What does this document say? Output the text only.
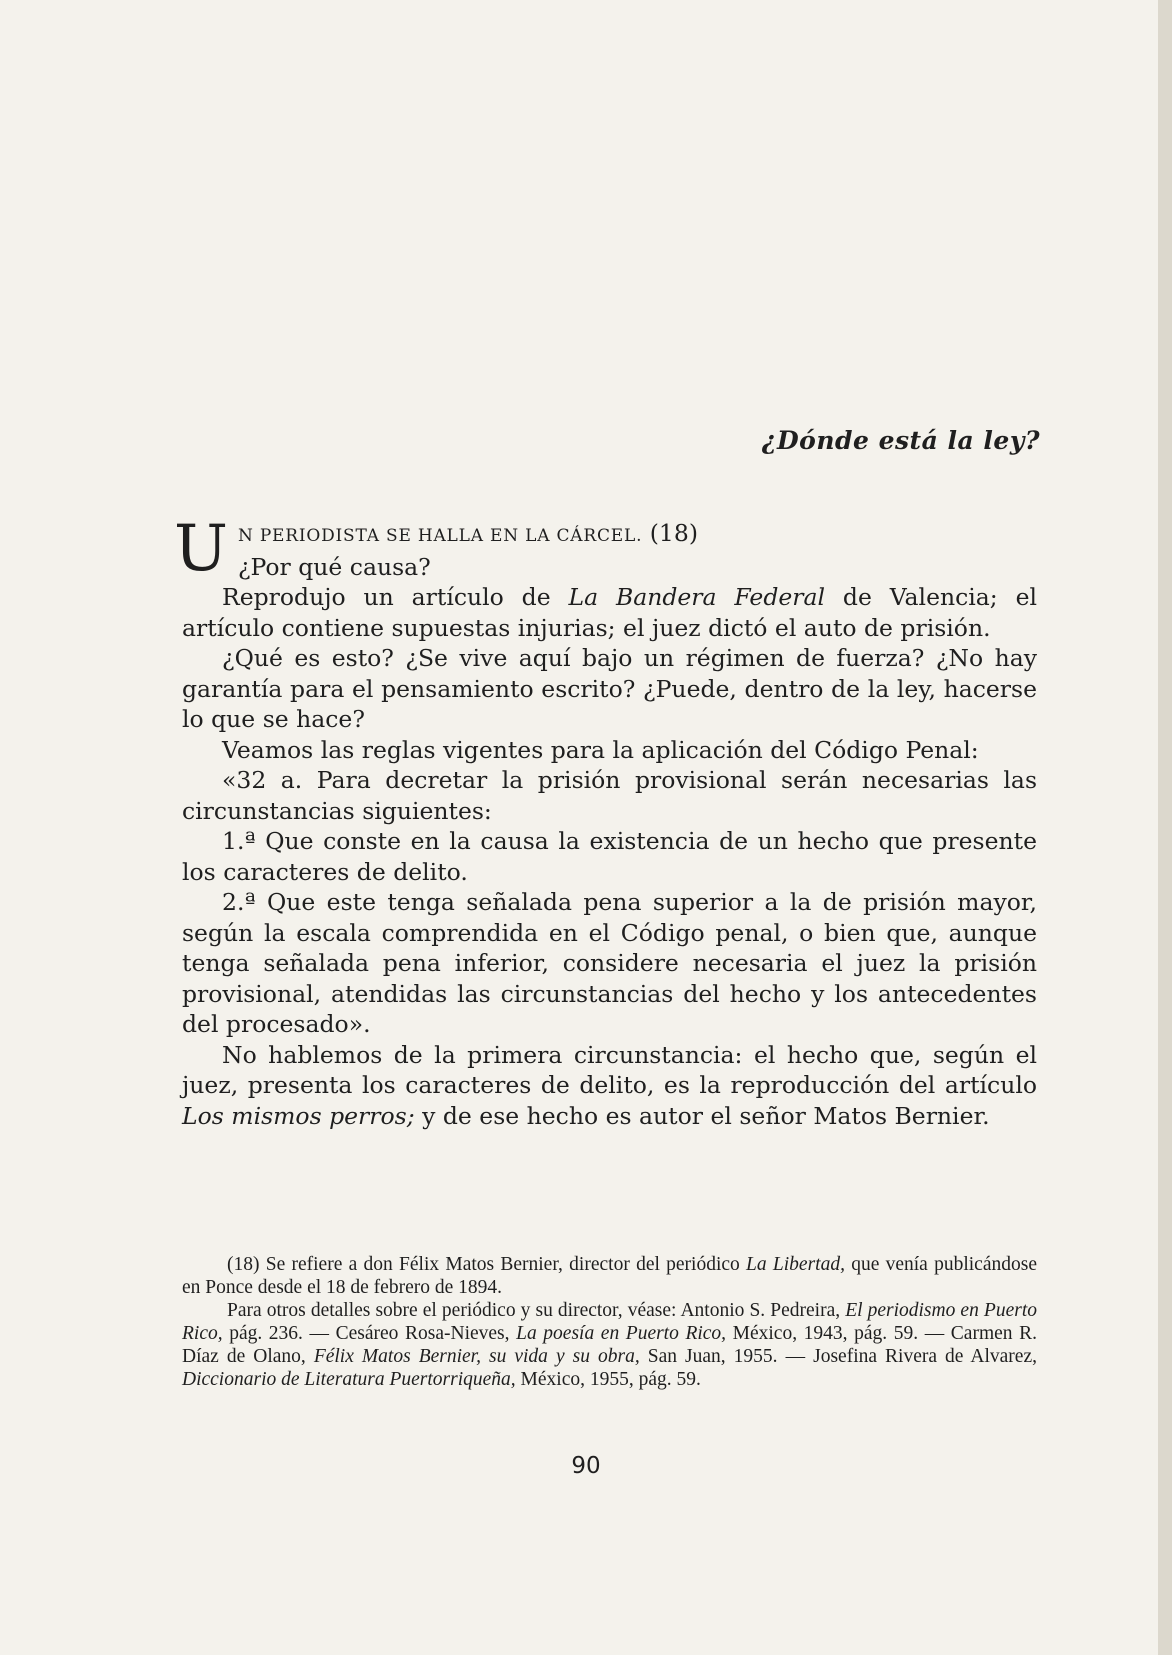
¿Dónde está la ley?

U N PERIODISTA SE HALLA EN LA CÁRCEL. (18)
¿Por qué causa?

Reprodujo un artículo de La Bandera Federal de Valencia; el artículo contiene supuestas injurias; el juez dictó el auto de prisión.

¿Qué es esto? ¿Se vive aquí bajo un régimen de fuerza? ¿No hay garantía para el pensamiento escrito? ¿Puede, dentro de la ley, hacerse lo que se hace?

Veamos las reglas vigentes para la aplicación del Código Penal:

«32 a. Para decretar la prisión provisional serán necesarias las circunstancias siguientes:

1.ª Que conste en la causa la existencia de un hecho que presente los caracteres de delito.

2.ª Que este tenga señalada pena superior a la de prisión mayor, según la escala comprendida en el Código penal, o bien que, aunque tenga señalada pena inferior, considere necesaria el juez la prisión provisional, atendidas las circunstancias del hecho y los antecedentes del procesado».

No hablemos de la primera circunstancia: el hecho que, según el juez, presenta los caracteres de delito, es la reproducción del artículo Los mismos perros; y de ese hecho es autor el señor Matos Bernier.

(18) Se refiere a don Félix Matos Bernier, director del periódico La Libertad, que venía publicándose en Ponce desde el 18 de febrero de 1894.

Para otros detalles sobre el periódico y su director, véase: Antonio S. Pedreira, El periodismo en Puerto Rico, pág. 236. — Cesáreo Rosa-Nieves, La poesía en Puerto Rico, México, 1943, pág. 59. — Carmen R. Díaz de Olano, Félix Matos Bernier, su vida y su obra, San Juan, 1955. — Josefina Rivera de Alvarez, Diccionario de Literatura Puertorriqueña, México, 1955, pág. 59.

90
